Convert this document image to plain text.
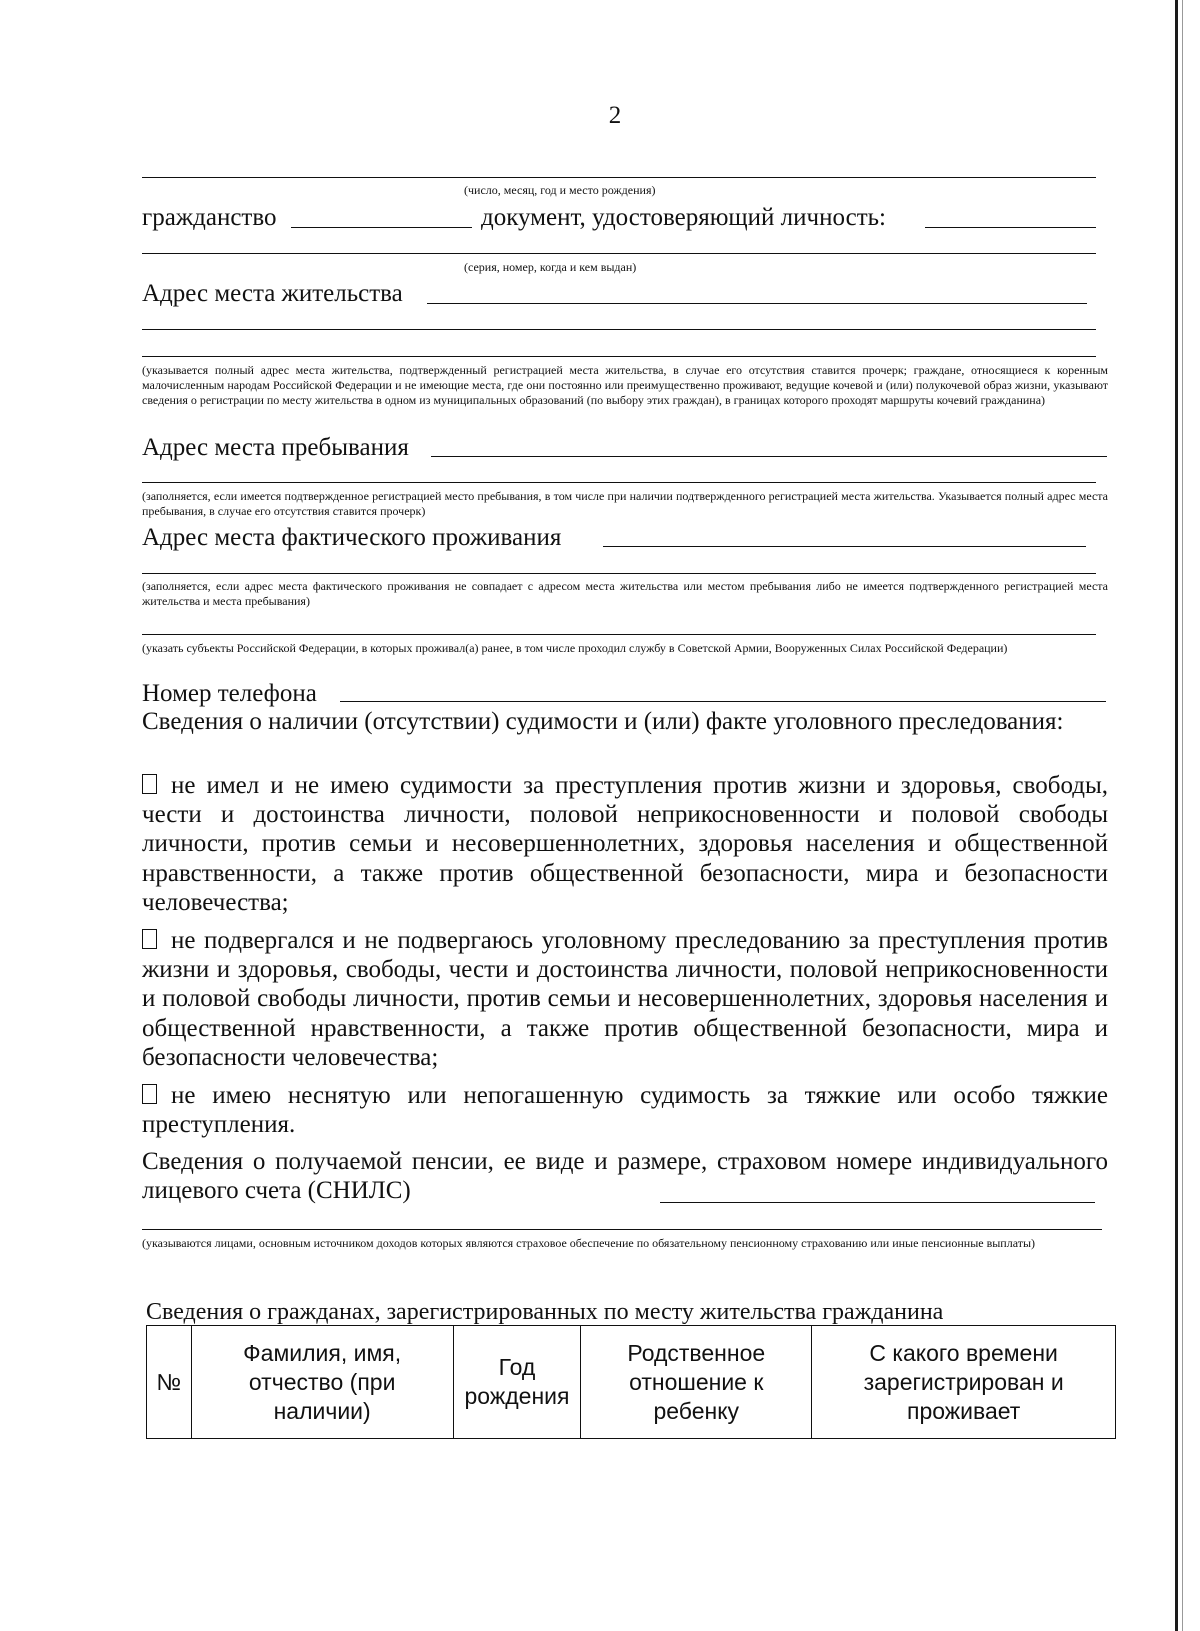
2
(число, месяц, год и место рождения)
гражданство	документ, удостоверяющий личность:
(серия, номер, когда и кем выдан)
Адрес места жительства
(указывается полный адрес места жительства, подтвержденный регистрацией места жительства, в случае его отсутствия ставится прочерк; граждане, относящиеся к коренным малочисленным народам Российской Федерации и не имеющие места, где они постоянно или преимущественно проживают, ведущие кочевой и (или) полукочевой образ жизни, указывают сведения о регистрации по месту жительства в одном из муниципальных образований (по выбору этих граждан), в границах которого проходят маршруты кочевий гражданина)
Адрес места пребывания
(заполняется, если имеется подтвержденное регистрацией место пребывания, в том числе при наличии подтвержденного регистрацией места жительства. Указывается полный адрес места пребывания, в случае его отсутствия ставится прочерк)
Адрес места фактического проживания
(заполняется, если адрес места фактического проживания не совпадает с адресом места жительства или местом пребывания либо не имеется подтвержденного регистрацией места жительства и места пребывания)
(указать субъекты Российской Федерации, в которых проживал(а) ранее, в том числе проходил службу в Советской Армии, Вооруженных Силах Российской Федерации)
Номер телефона
Сведения о наличии (отсутствии) судимости и (или) факте уголовного преследования:
не имел и не имею судимости за преступления против жизни и здоровья, свободы, чести и достоинства личности, половой неприкосновенности и половой свободы личности, против семьи и несовершеннолетних, здоровья населения и общественной нравственности, а также против общественной безопасности, мира и безопасности человечества;
не подвергался и не подвергаюсь уголовному преследованию за преступления против жизни и здоровья, свободы, чести и достоинства личности, половой неприкосновенности и половой свободы личности, против семьи и несовершеннолетних, здоровья населения и общественной нравственности, а также против общественной безопасности, мира и безопасности человечества;
не имею неснятую или непогашенную судимость за тяжкие или особо тяжкие преступления.
Сведения о получаемой пенсии, ее виде и размере, страховом номере индивидуального лицевого счета (СНИЛС)
(указываются лицами, основным источником доходов которых являются страховое обеспечение по обязательному пенсионному страхованию или иные пенсионные выплаты)
Сведения о гражданах, зарегистрированных по месту жительства гражданина
№	Фамилия, имя, отчество (при наличии)	Год рождения	Родственное отношение к ребенку	С какого времени зарегистрирован и проживает
